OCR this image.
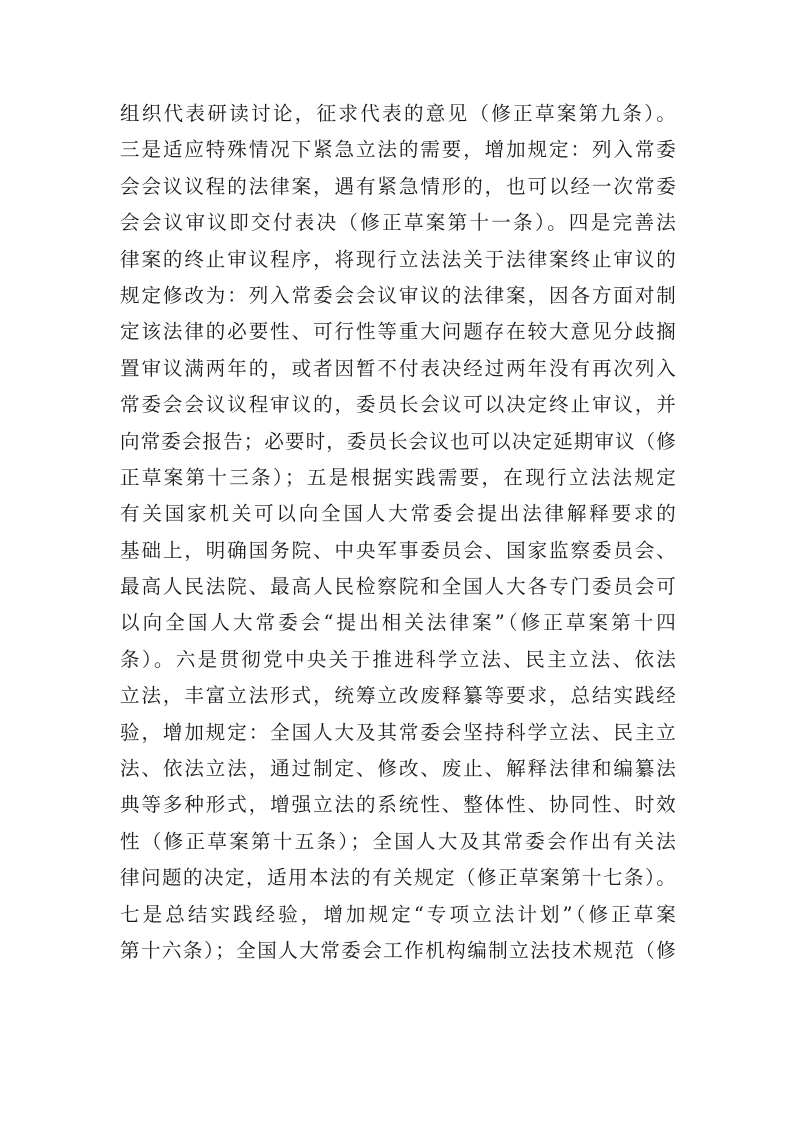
组织代表研读讨论，征求代表的意见（修正草案第九条）。
三是适应特殊情况下紧急立法的需要，增加规定：列入常委
会会议议程的法律案，遇有紧急情形的，也可以经一次常委
会会议审议即交付表决（修正草案第十一条）。四是完善法
律案的终止审议程序，将现行立法法关于法律案终止审议的
规定修改为：列入常委会会议审议的法律案，因各方面对制
定该法律的必要性、可行性等重大问题存在较大意见分歧搁
置审议满两年的，或者因暂不付表决经过两年没有再次列入
常委会会议议程审议的，委员长会议可以决定终止审议，并
向常委会报告；必要时，委员长会议也可以决定延期审议（修
正草案第十三条）；五是根据实践需要，在现行立法法规定
有关国家机关可以向全国人大常委会提出法律解释要求的
基础上，明确国务院、中央军事委员会、国家监察委员会、
最高人民法院、最高人民检察院和全国人大各专门委员会可
以向全国人大常委会“提出相关法律案”（修正草案第十四
条）。六是贯彻党中央关于推进科学立法、民主立法、依法
立法，丰富立法形式，统筹立改废释纂等要求，总结实践经
验，增加规定：全国人大及其常委会坚持科学立法、民主立
法、依法立法，通过制定、修改、废止、解释法律和编纂法
典等多种形式，增强立法的系统性、整体性、协同性、时效
性（修正草案第十五条）；全国人大及其常委会作出有关法
律问题的决定，适用本法的有关规定（修正草案第十七条）。
七是总结实践经验，增加规定“专项立法计划”（修正草案
第十六条）；全国人大常委会工作机构编制立法技术规范（修
